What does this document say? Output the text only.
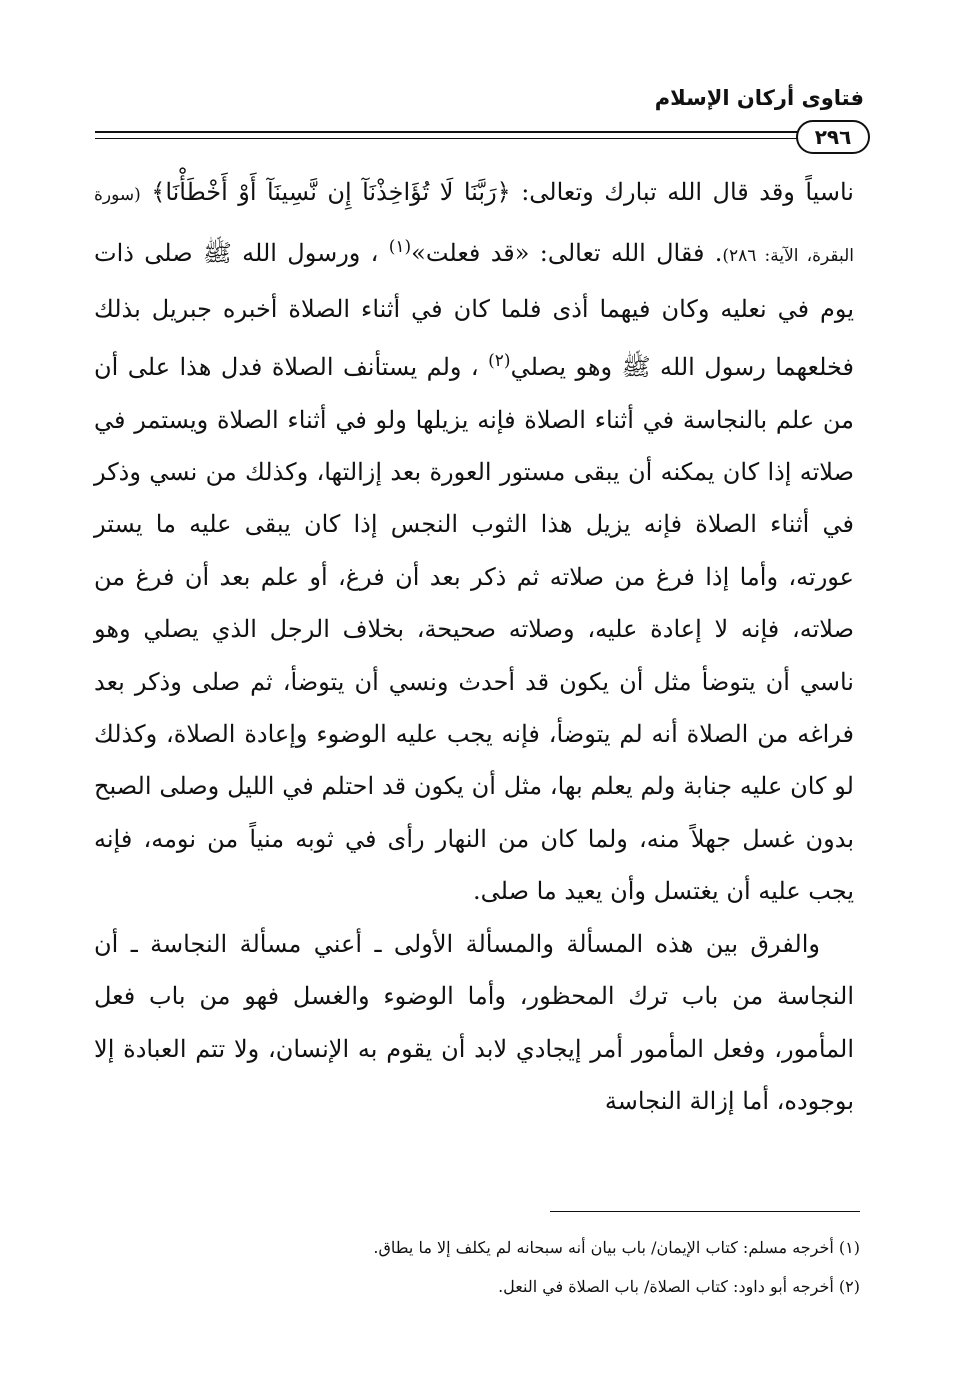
فتاوى أركان الإسلام
٢٩٦

ناسياً وقد قال الله تبارك وتعالى: ﴿رَبَّنَا لَا تُؤَاخِذْنَآ إِن نَّسِينَآ أَوْ أَخْطَأْنَا﴾ (سورة البقرة، الآية: ٢٨٦). فقال الله تعالى: «قد فعلت»$^{(١)}$ ، ورسول الله ﷺ صلى ذات يوم في نعليه وكان فيهما أذى فلما كان في أثناء الصلاة أخبره جبريل بذلك فخلعهما رسول الله ﷺ وهو يصلي$^{(٢)}$ ، ولم يستأنف الصلاة فدل هذا على أن من علم بالنجاسة في أثناء الصلاة فإنه يزيلها ولو في أثناء الصلاة ويستمر في صلاته إذا كان يمكنه أن يبقى مستور العورة بعد إزالتها، وكذلك من نسي وذكر في أثناء الصلاة فإنه يزيل هذا الثوب النجس إذا كان يبقى عليه ما يستر عورته، وأما إذا فرغ من صلاته ثم ذكر بعد أن فرغ، أو علم بعد أن فرغ من صلاته، فإنه لا إعادة عليه، وصلاته صحيحة، بخلاف الرجل الذي يصلي وهو ناسي أن يتوضأ مثل أن يكون قد أحدث ونسي أن يتوضأ، ثم صلى وذكر بعد فراغه من الصلاة أنه لم يتوضأ، فإنه يجب عليه الوضوء وإعادة الصلاة، وكذلك لو كان عليه جنابة ولم يعلم بها، مثل أن يكون قد احتلم في الليل وصلى الصبح بدون غسل جهلاً منه، ولما كان من النهار رأى في ثوبه منياً من نومه، فإنه يجب عليه أن يغتسل وأن يعيد ما صلى.

والفرق بين هذه المسألة والمسألة الأولى ـ أعني مسألة النجاسة ـ أن النجاسة من باب ترك المحظور، وأما الوضوء والغسل فهو من باب فعل المأمور، وفعل المأمور أمر إيجادي لابد أن يقوم به الإنسان، ولا تتم العبادة إلا بوجوده، أما إزالة النجاسة

(١) أخرجه مسلم: كتاب الإيمان/ باب بيان أنه سبحانه لم يكلف إلا ما يطاق.
(٢) أخرجه أبو داود: كتاب الصلاة/ باب الصلاة في النعل.
